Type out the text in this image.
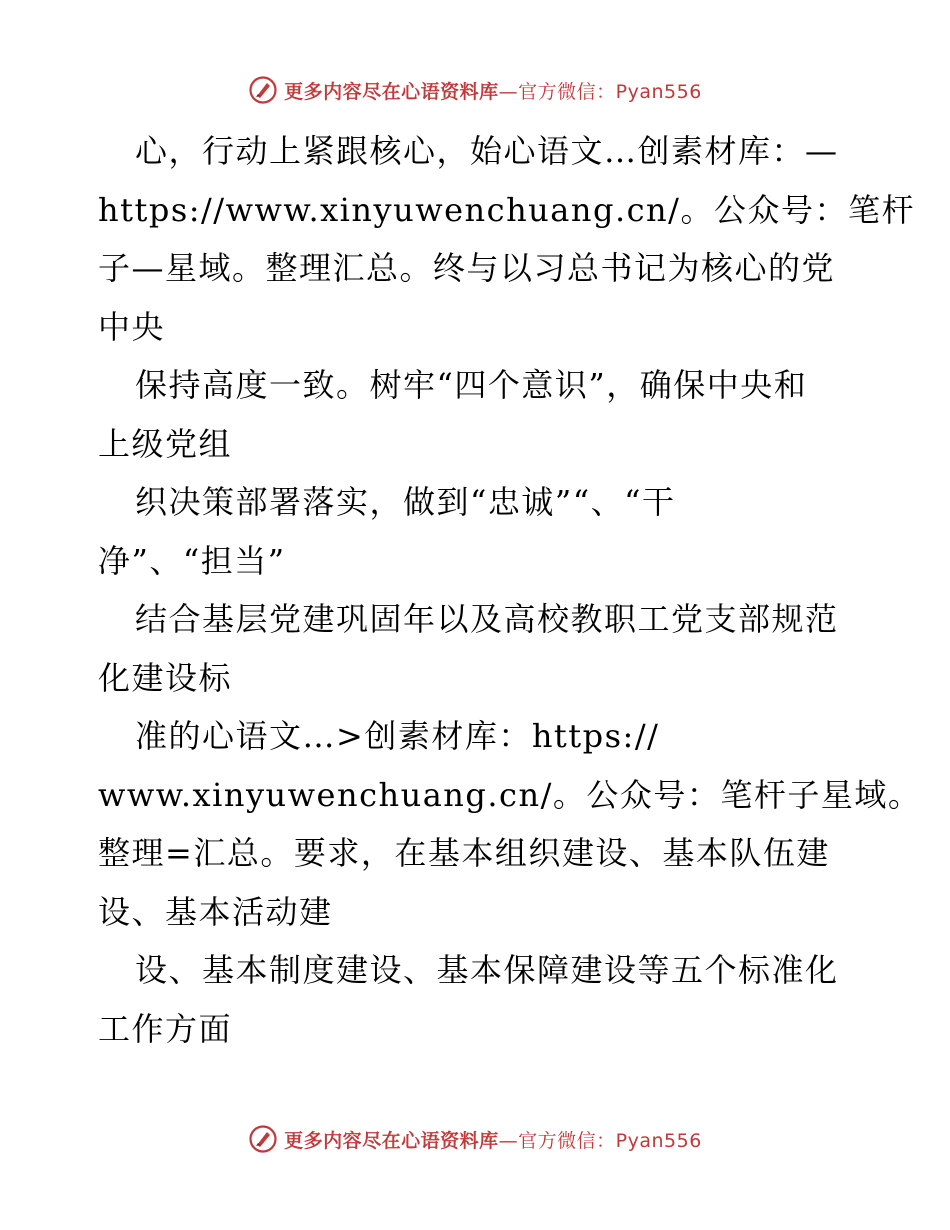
更多内容尽在心语资料库—官方微信：Pyan556
心，行动上紧跟核心，始心语文…创素材库：—
https://www.xinyuwenchuang.cn/。公众号：笔杆
子—星域。整理汇总。终与以习总书记为核心的党
中央
保持高度一致。树牢“四个意识”，确保中央和
上级党组
织决策部署落实，做到“忠诚”“、“干
净”、“担当”
结合基层党建巩固年以及高校教职工党支部规范
化建设标
准的心语文…>创素材库：https://
www.xinyuwenchuang.cn/。公众号：笔杆子星域。
整理=汇总。要求，在基本组织建设、基本队伍建
设、基本活动建
设、基本制度建设、基本保障建设等五个标准化
工作方面
更多内容尽在心语资料库—官方微信：Pyan556
